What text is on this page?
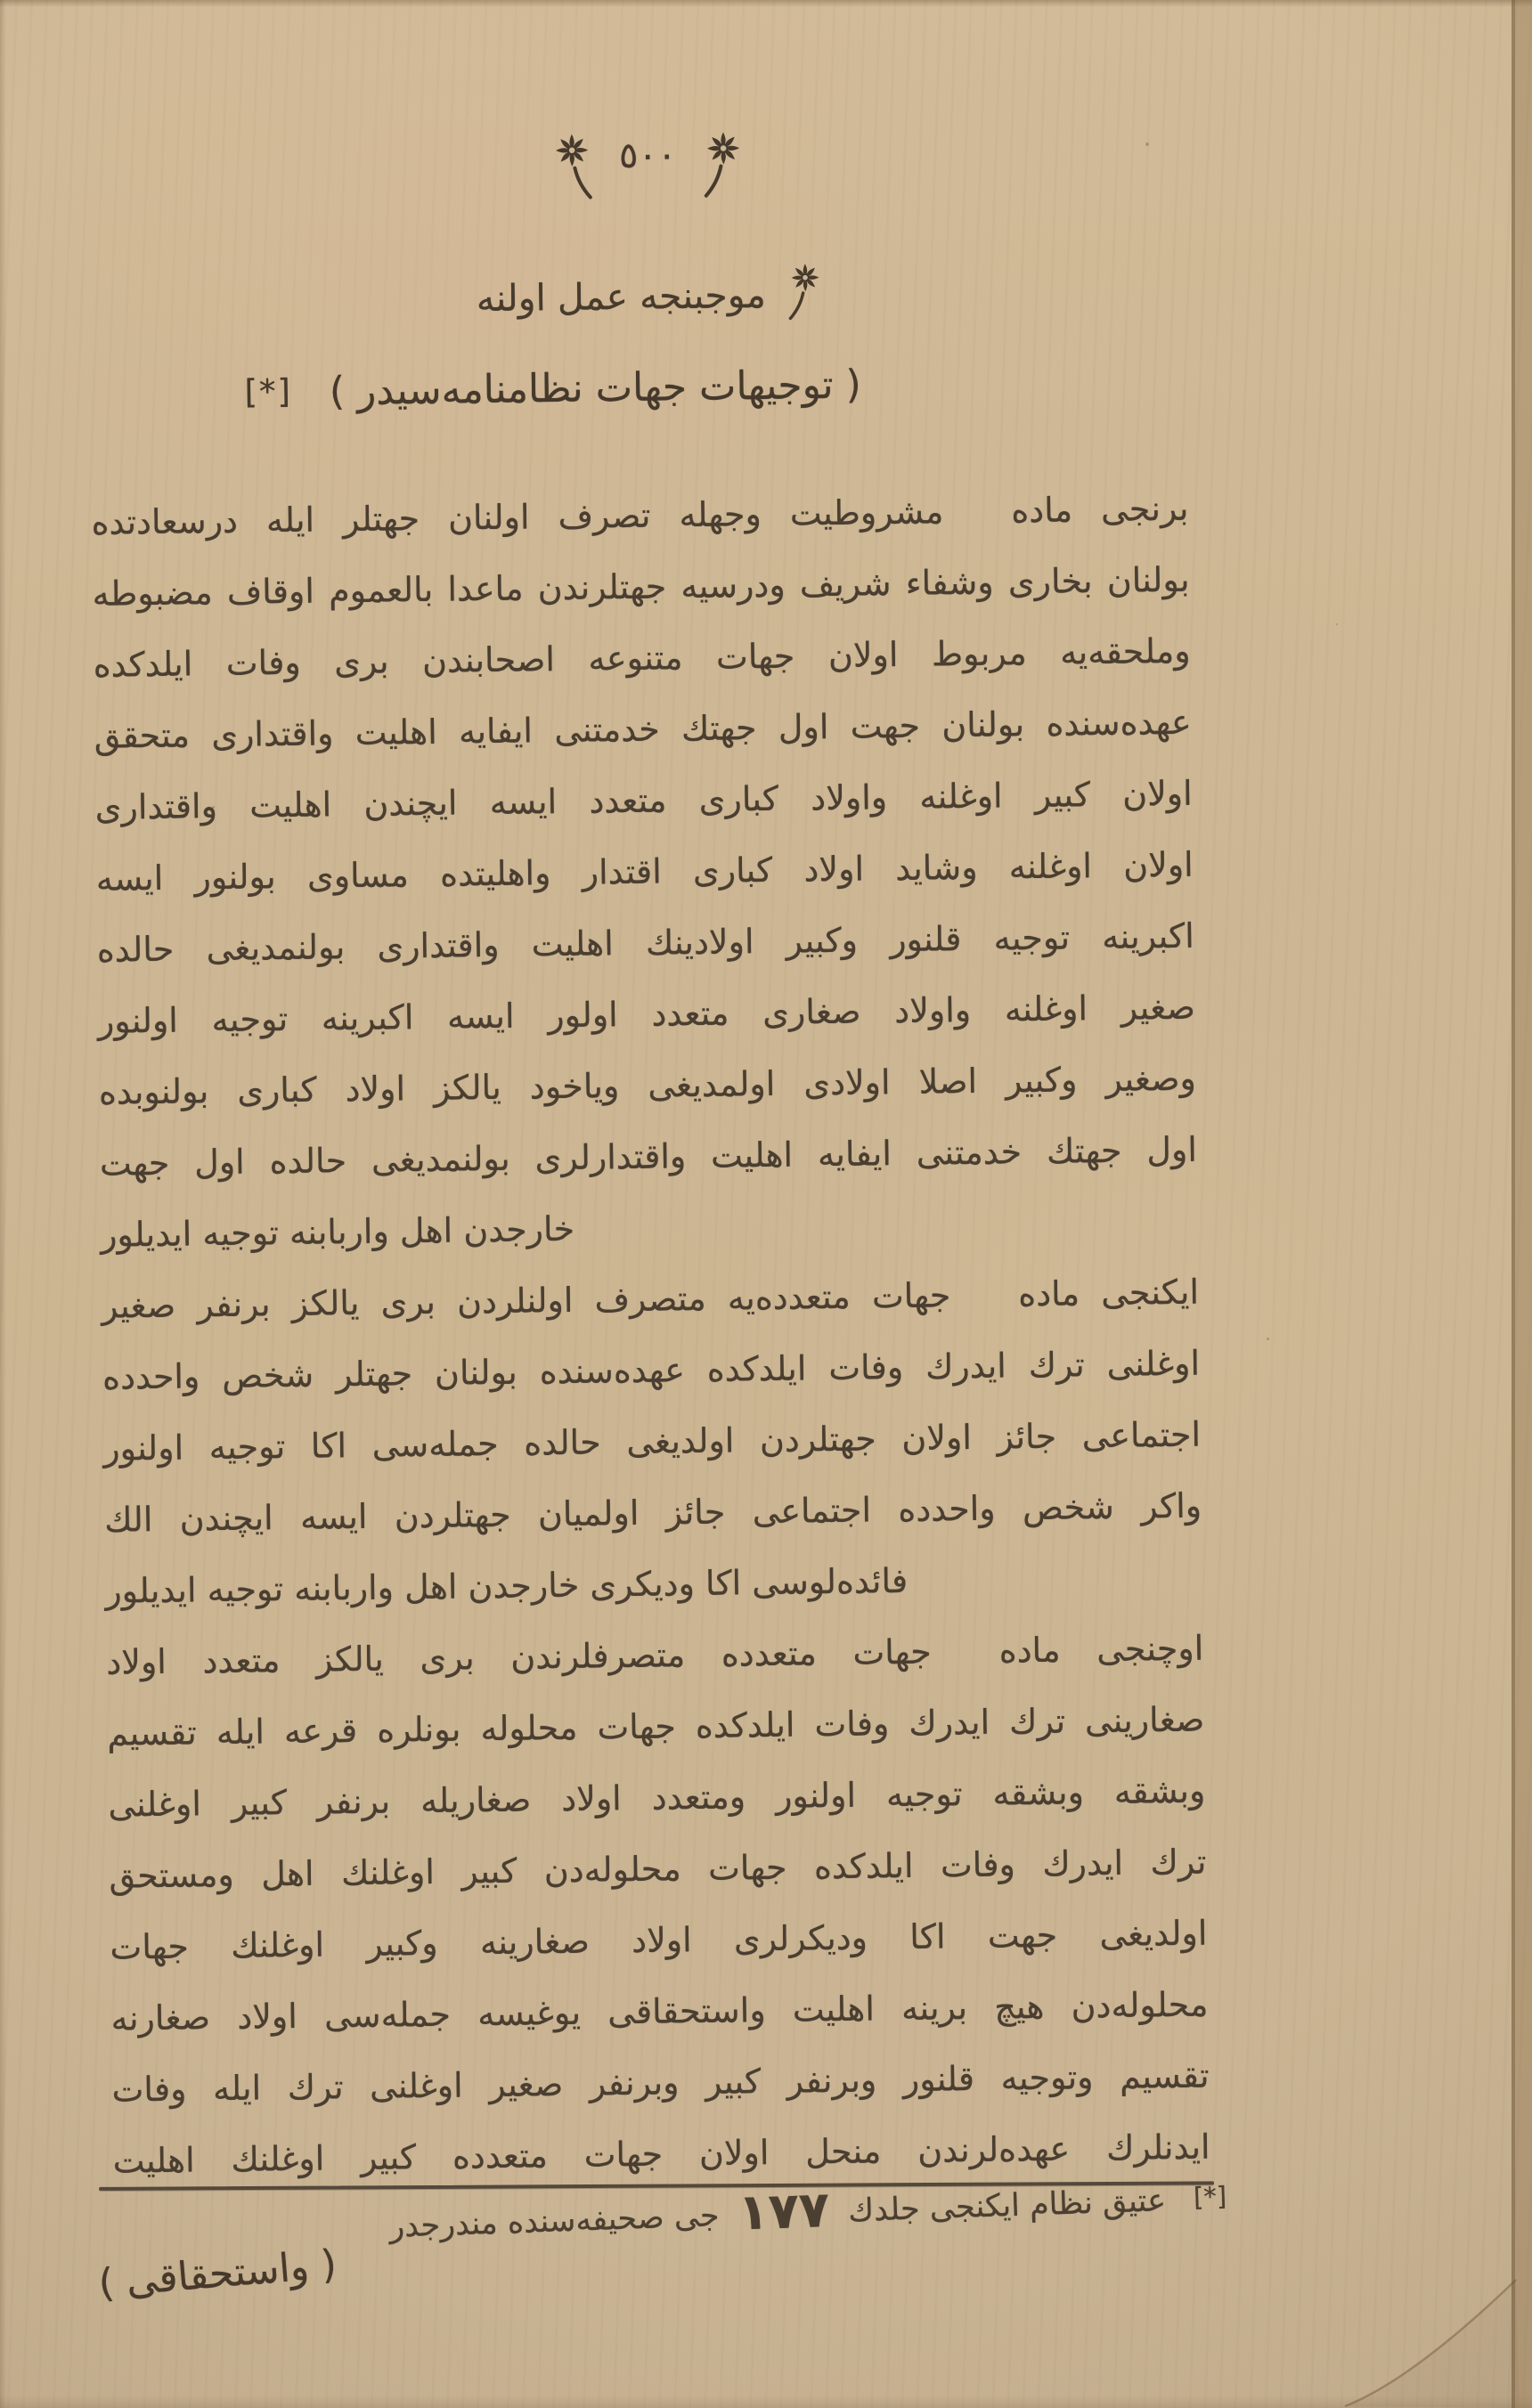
٥٠٠
موجبنجه عمل اولنه
( توجيهات جهات نظامنامه‌سيدر ) [*]
برنجى ماده  مشروطيت وجهله تصرف اولنان جهتلر ايله درسعادتده
بولنان بخارى وشفاء شريف ودرسيه جهتلرندن ماعدا بالعموم اوقاف مضبوطه
وملحقه‌يه مربوط اولان جهات متنوعه اصحابندن برى وفات ايلدكده
عهده‌سنده بولنان جهت اول جهتك خدمتنى ايفايه اهليت واقتدارى متحقق
اولان كبير اوغلنه واولاد كبارى متعدد ايسه ايچندن اهليت واقتدارى
اولان اوغلنه وشايد اولاد كبارى اقتدار واهليتده مساوى بولنور ايسه
اكبرينه توجيه قلنور وكبير اولادينك اهليت واقتدارى بولنمديغى حالده
صغير اوغلنه واولاد صغارى متعدد اولور ايسه اكبرينه توجيه اولنور
وصغير وكبير اصلا اولادى اولمديغى وياخود يالكز اولاد كبارى بولنوبده
اول جهتك خدمتنى ايفايه اهليت واقتدارلرى بولنمديغى حالده اول جهت
خارجدن اهل واربابنه توجيه ايديلور
ايكنجى ماده  جهات متعدده‌يه متصرف اولنلردن برى يالكز برنفر صغير
اوغلنى ترك ايدرك وفات ايلدكده عهده‌سنده بولنان جهتلر شخص واحدده
اجتماعى جائز اولان جهتلردن اولديغى حالده جمله‌سى اكا توجيه اولنور
واكر شخص واحدده اجتماعى جائز اولميان جهتلردن ايسه ايچندن الك
فائده‌لوسى اكا وديكرى خارجدن اهل واربابنه توجيه ايديلور
اوچنجى ماده  جهات متعدده متصرفلرندن برى يالكز متعدد اولاد
صغارينى ترك ايدرك وفات ايلدكده جهات محلوله بونلره قرعه ايله تقسيم
وبشقه وبشقه توجيه اولنور ومتعدد اولاد صغاريله برنفر كبير اوغلنى
ترك ايدرك وفات ايلدكده جهات محلوله‌دن كبير اوغلنك اهل ومستحق
اولديغى جهت اكا وديكرلرى اولاد صغارينه وكبير اوغلنك جهات
محلوله‌دن هيچ برينه اهليت واستحقاقى يوغيسه جمله‌سى اولاد صغارنه
تقسيم وتوجيه قلنور وبرنفر كبير وبرنفر صغير اوغلنى ترك ايله وفات
ايدنلرك عهده‌لرندن منحل اولان جهات متعدده كبير اوغلنك اهليت
[*] عتيق نظام ايكنجى جلدك ١٧٧ جى صحيفه‌سنده مندرجدر
( واستحقاقى )
